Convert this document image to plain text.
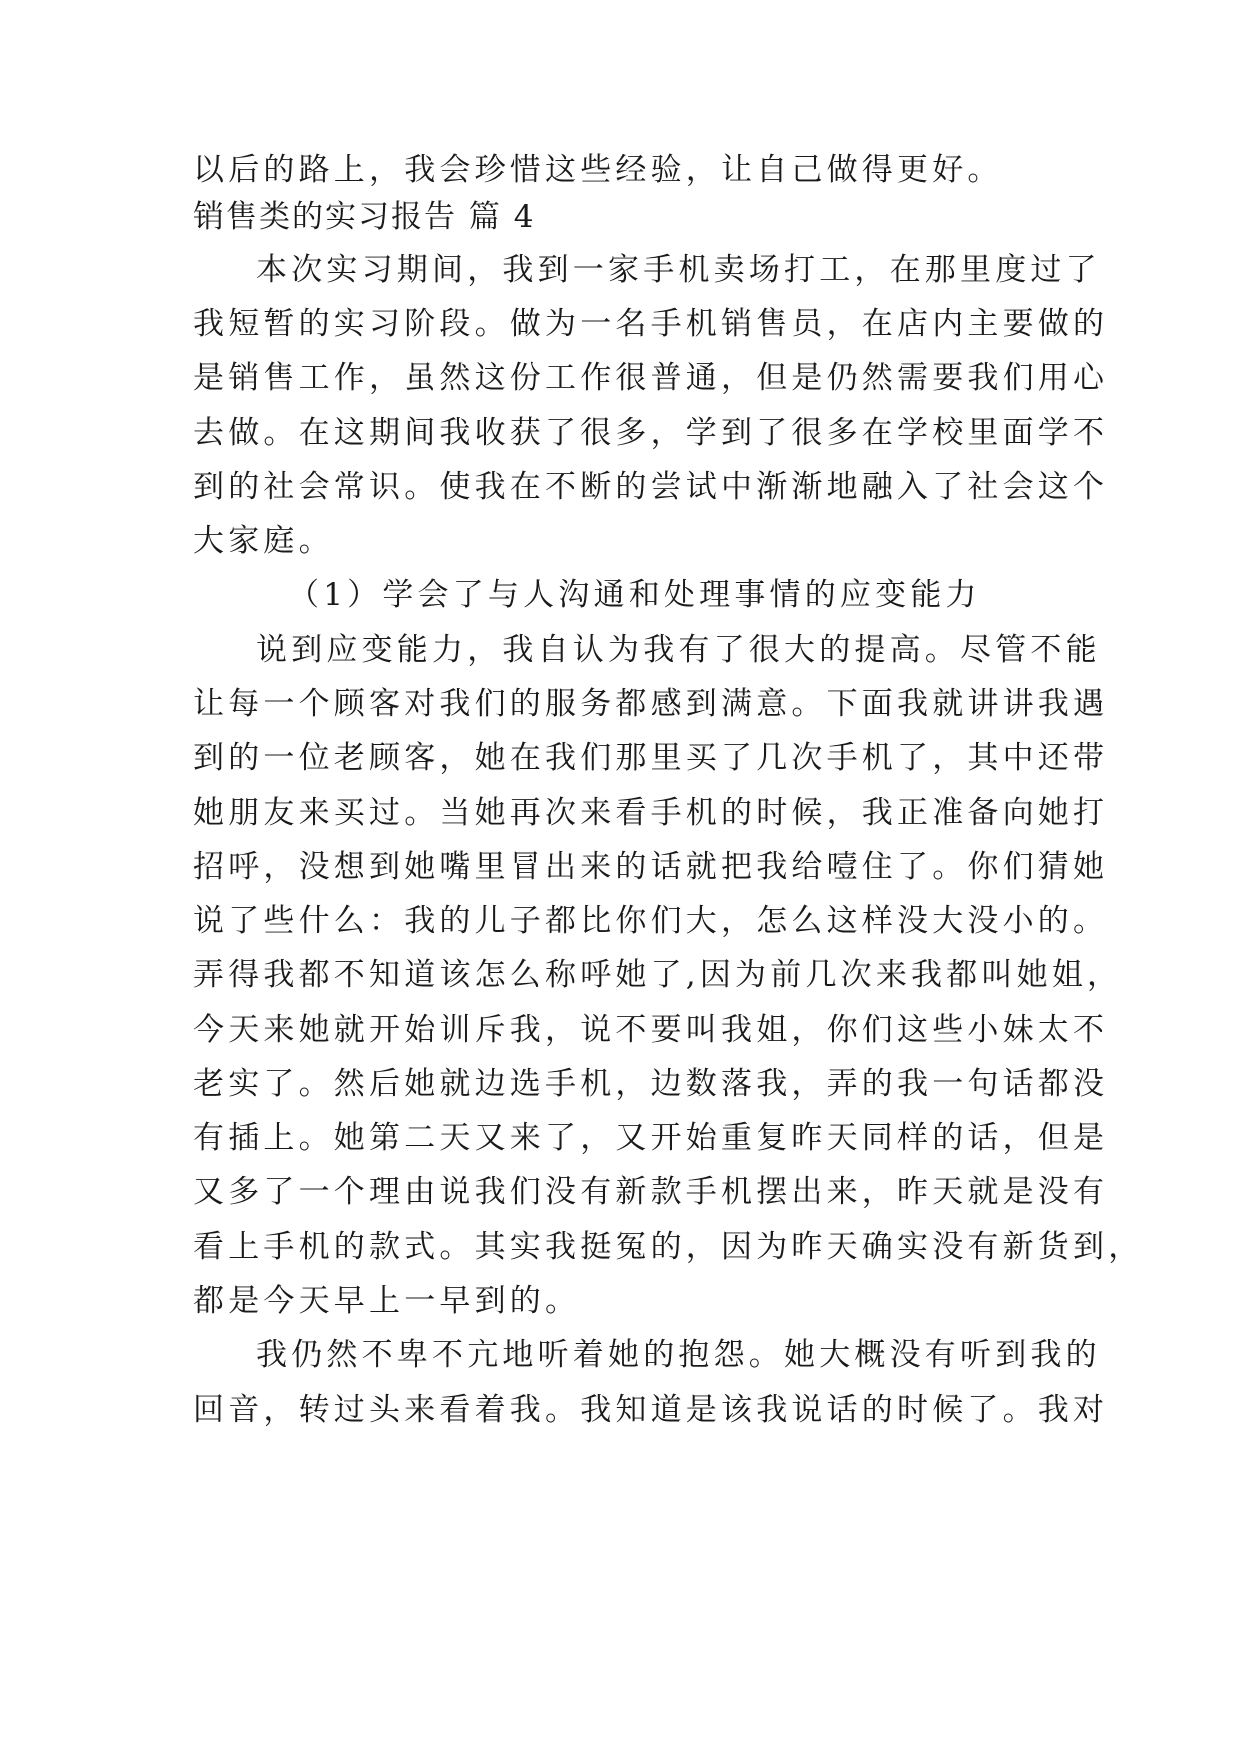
以后的路上，我会珍惜这些经验，让自己做得更好。
销售类的实习报告 篇 4
本次实习期间，我到一家手机卖场打工，在那里度过了
我短暂的实习阶段。做为一名手机销售员，在店内主要做的
是销售工作，虽然这份工作很普通，但是仍然需要我们用心
去做。在这期间我收获了很多，学到了很多在学校里面学不
到的社会常识。使我在不断的尝试中渐渐地融入了社会这个
大家庭。
（1）学会了与人沟通和处理事情的应变能力
说到应变能力，我自认为我有了很大的提高。尽管不能
让每一个顾客对我们的服务都感到满意。下面我就讲讲我遇
到的一位老顾客，她在我们那里买了几次手机了，其中还带
她朋友来买过。当她再次来看手机的时候，我正准备向她打
招呼，没想到她嘴里冒出来的话就把我给噎住了。你们猜她
说了些什么：我的儿子都比你们大，怎么这样没大没小的。
弄得我都不知道该怎么称呼她了,因为前几次来我都叫她姐，
今天来她就开始训斥我，说不要叫我姐，你们这些小妹太不
老实了。然后她就边选手机，边数落我，弄的我一句话都没
有插上。她第二天又来了，又开始重复昨天同样的话，但是
又多了一个理由说我们没有新款手机摆出来，昨天就是没有
看上手机的款式。其实我挺冤的，因为昨天确实没有新货到，
都是今天早上一早到的。
我仍然不卑不亢地听着她的抱怨。她大概没有听到我的
回音，转过头来看着我。我知道是该我说话的时候了。我对
